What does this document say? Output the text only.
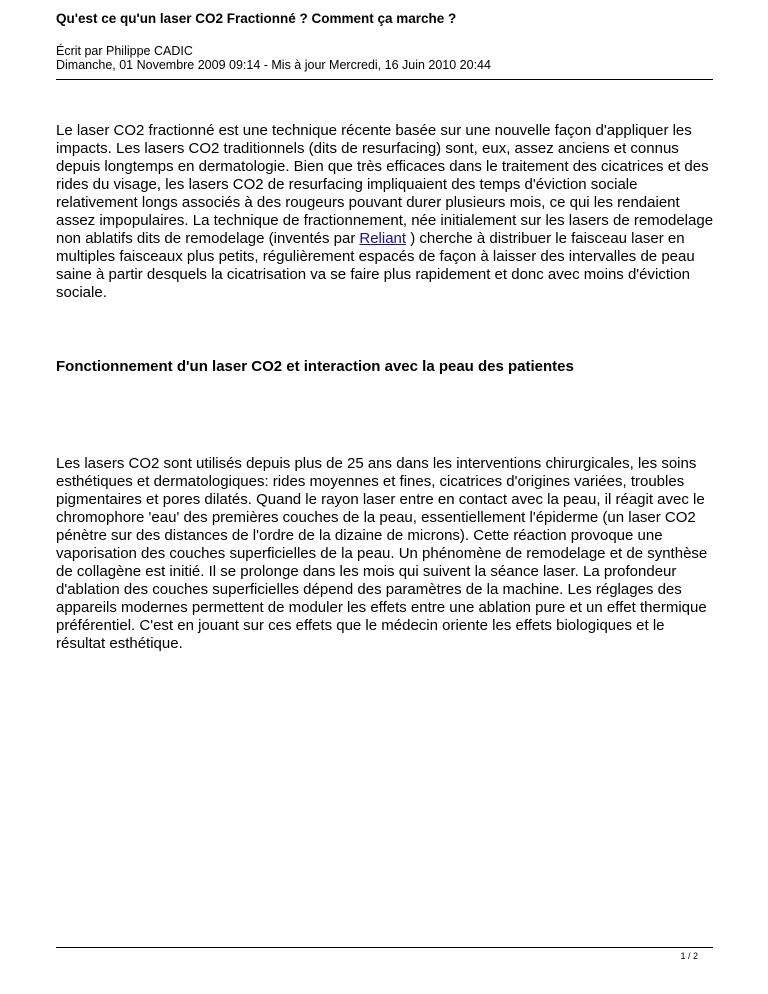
Qu'est ce qu'un laser CO2 Fractionné ? Comment ça marche ?
Écrit par Philippe CADIC
Dimanche, 01 Novembre 2009 09:14 - Mis à jour Mercredi, 16 Juin 2010 20:44

Le laser CO2 fractionné est une technique récente basée sur une nouvelle façon d'appliquer les impacts. Les lasers CO2 traditionnels (dits de resurfacing) sont, eux, assez anciens et connus depuis longtemps en dermatologie. Bien que très efficaces dans le traitement des cicatrices et des rides du visage, les lasers CO2 de resurfacing impliquaient des temps d'éviction sociale relativement longs associés à des rougeurs pouvant durer plusieurs mois, ce qui les rendaient assez impopulaires. La technique de fractionnement, née initialement sur les lasers de remodelage non ablatifs dits de remodelage (inventés par Reliant ) cherche à distribuer le faisceau laser en multiples faisceaux plus petits, régulièrement espacés de façon à laisser des intervalles de peau saine à partir desquels la cicatrisation va se faire plus rapidement et donc avec moins d'éviction sociale.

Fonctionnement d'un laser CO2 et interaction avec la peau des patientes

Les lasers CO2 sont utilisés depuis plus de 25 ans dans les interventions chirurgicales, les soins esthétiques et dermatologiques: rides moyennes et fines, cicatrices d'origines variées, troubles pigmentaires et pores dilatés. Quand le rayon laser entre en contact avec la peau, il réagit avec le chromophore 'eau' des premières couches de la peau, essentiellement l'épiderme (un laser CO2 pénètre sur des distances de l'ordre de la dizaine de microns). Cette réaction provoque une vaporisation des couches superficielles de la peau. Un phénomène de remodelage et de synthèse de collagène est initié. Il se prolonge dans les mois qui suivent la séance laser. La profondeur d'ablation des couches superficielles dépend des paramètres de la machine. Les réglages des appareils modernes permettent de moduler les effets entre une ablation pure et un effet thermique préférentiel. C'est en jouant sur ces effets que le médecin oriente les effets biologiques et le résultat esthétique.

1 / 2
